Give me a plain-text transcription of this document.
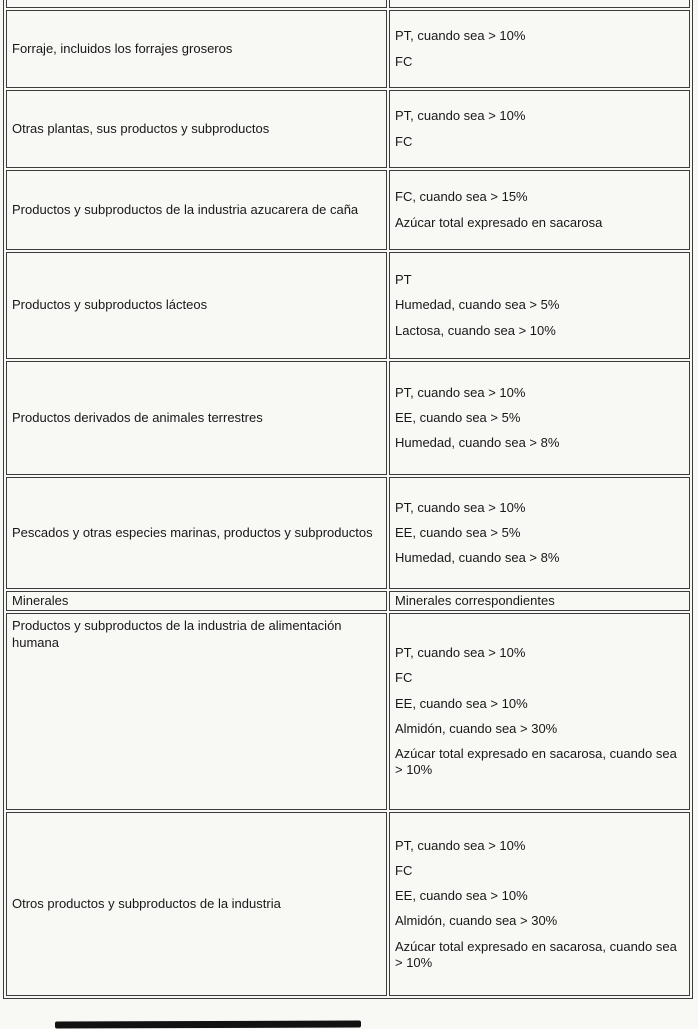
Forraje, incluidos los forrajes groseros	PT, cuando sea > 10%
FC

Otras plantas, sus productos y subproductos	PT, cuando sea > 10%
FC

Productos y subproductos de la industria azucarera de caña	FC, cuando sea > 15%
Azúcar total expresado en sacarosa

Productos y subproductos lácteos	PT
Humedad, cuando sea > 5%
Lactosa, cuando sea > 10%

Productos derivados de animales terrestres	PT, cuando sea > 10%
EE, cuando sea > 5%
Humedad, cuando sea > 8%

Pescados y otras especies marinas, productos y subproductos	PT, cuando sea > 10%
EE, cuando sea > 5%
Humedad, cuando sea > 8%

Minerales	Minerales correspondientes

Productos y subproductos de la industria de alimentación humana	PT, cuando sea > 10%
FC
EE, cuando sea > 10%
Almidón, cuando sea > 30%
Azúcar total expresado en sacarosa, cuando sea > 10%

Otros productos y subproductos de la industria	PT, cuando sea > 10%
FC
EE, cuando sea > 10%
Almidón, cuando sea > 30%
Azúcar total expresado en sacarosa, cuando sea > 10%
